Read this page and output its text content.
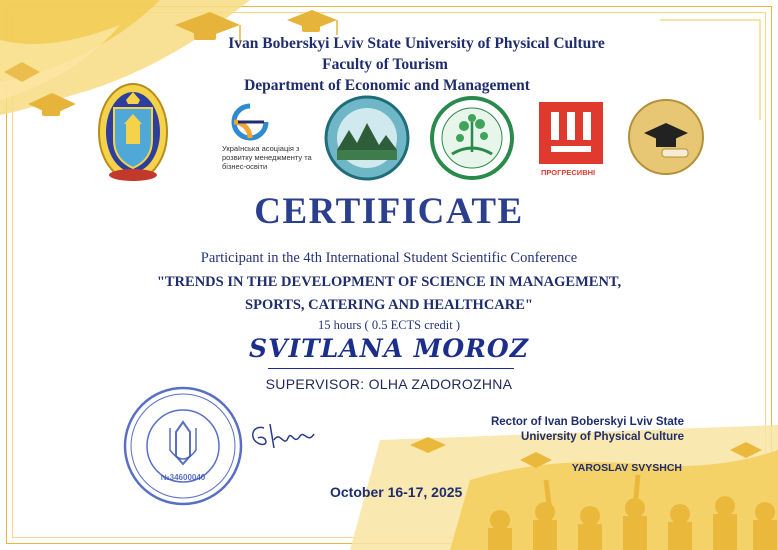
Ivan Boberskyi Lviv State University of Physical Culture
Faculty of Tourism
Department of Economic and Management
Українська асоціація з розвитку менеджменту та бізнес-освіти
ПРОГРЕСИВНІ
CERTIFICATE
Participant in the 4th International Student Scientific Conference
"TRENDS IN THE DEVELOPMENT OF SCIENCE IN MANAGEMENT,
SPORTS, CATERING AND HEALTHCARE"
15 hours ( 0.5 ECTS credit )
SVITLANA MOROZ
SUPERVISOR: OLHA ZADOROZHNA
№34600040
Rector of Ivan Boberskyi Lviv State
University of Physical Culture
YAROSLAV SVYSHCH
October 16-17, 2025
